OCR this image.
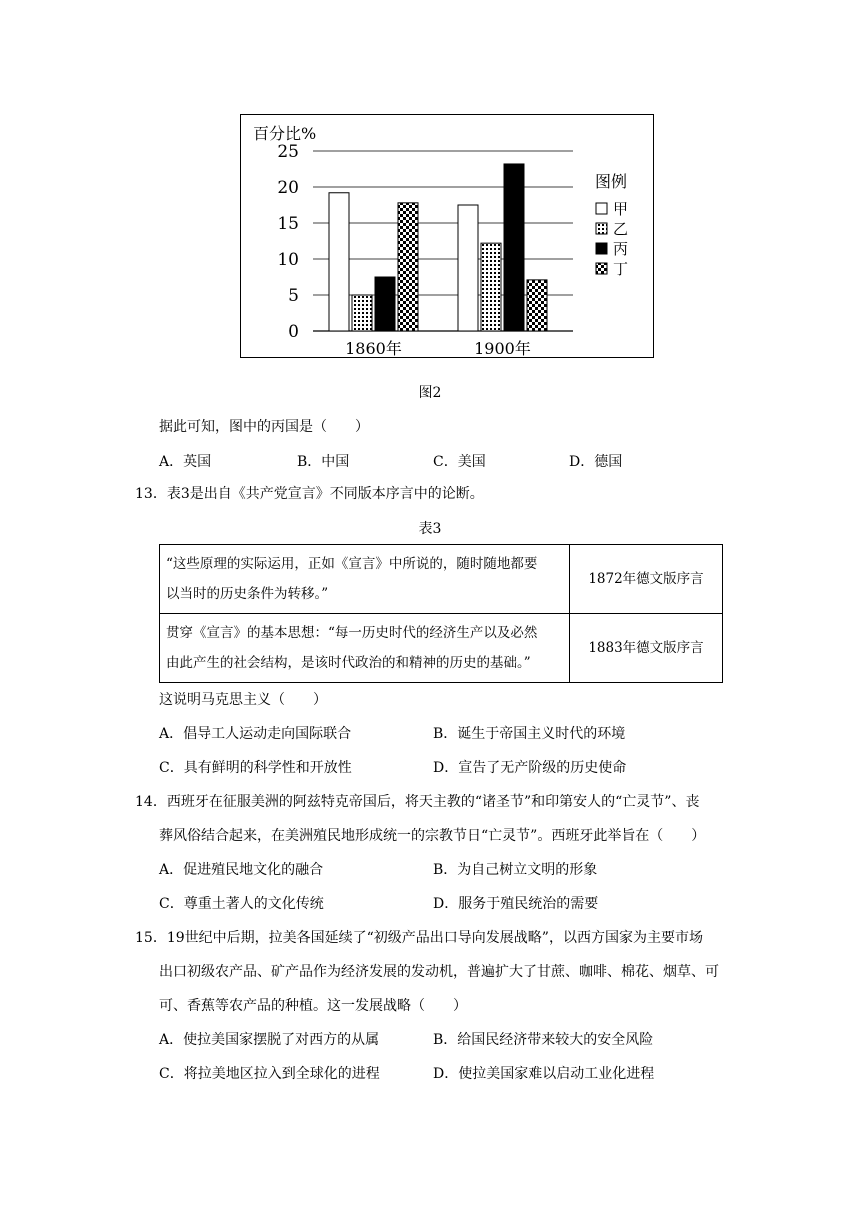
百分比%
25
20
15
10
5
0
1860年	1900年
图例
甲
乙
丙
丁
图2
据此可知，图中的丙国是（　　）
A．英国	B．中国	C．美国	D．德国
13．表3是出自《共产党宣言》不同版本序言中的论断。
表3
“这些原理的实际运用，正如《宣言》中所说的，随时随地都要
以当时的历史条件为转移。”	1872年德文版序言

贯穿《宣言》的基本思想：“每一历史时代的经济生产以及必然
由此产生的社会结构，是该时代政治的和精神的历史的基础。”	1883年德文版序言
这说明马克思主义（　　）
A．倡导工人运动走向国际联合	B．诞生于帝国主义时代的环境
C．具有鲜明的科学性和开放性	D．宣告了无产阶级的历史使命
14．西班牙在征服美洲的阿兹特克帝国后，将天主教的“诸圣节”和印第安人的“亡灵节”、丧
葬风俗结合起来，在美洲殖民地形成统一的宗教节日“亡灵节”。西班牙此举旨在（　　）
A．促进殖民地文化的融合	B．为自己树立文明的形象
C．尊重土著人的文化传统	D．服务于殖民统治的需要
15．19世纪中后期，拉美各国延续了“初级产品出口导向发展战略”，以西方国家为主要市场
出口初级农产品、矿产品作为经济发展的发动机，普遍扩大了甘蔗、咖啡、棉花、烟草、可
可、香蕉等农产品的种植。这一发展战略（　　）
A．使拉美国家摆脱了对西方的从属	B．给国民经济带来较大的安全风险
C．将拉美地区拉入到全球化的进程	D．使拉美国家难以启动工业化进程
